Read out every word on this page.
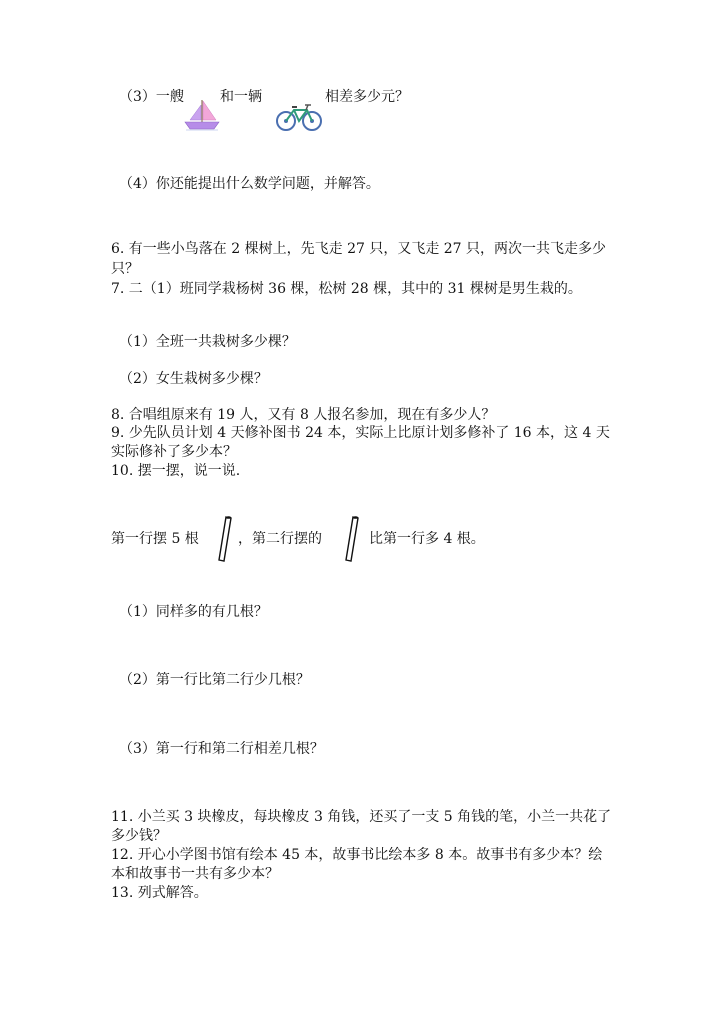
（3）一艘	和一辆	相差多少元？
（4）你还能提出什么数学问题，并解答。
6. 有一些小鸟落在 2 棵树上，先飞走 27 只，又飞走 27 只，两次一共飞走多少
只？
7. 二（1）班同学栽杨树 36 棵，松树 28 棵，其中的 31 棵树是男生栽的。
（1）全班一共栽树多少棵？
（2）女生栽树多少棵？
8. 合唱组原来有 19 人，又有 8 人报名参加，现在有多少人？
9. 少先队员计划 4 天修补图书 24 本，实际上比原计划多修补了 16 本，这 4 天
实际修补了多少本？
10. 摆一摆，说一说.
第一行摆 5 根	，第二行摆的	比第一行多 4 根。
（1）同样多的有几根？
（2）第一行比第二行少几根？
（3）第一行和第二行相差几根？
11. 小兰买 3 块橡皮，每块橡皮 3 角钱，还买了一支 5 角钱的笔，小兰一共花了
多少钱？
12. 开心小学图书馆有绘本 45 本，故事书比绘本多 8 本。故事书有多少本？绘
本和故事书一共有多少本？
13. 列式解答。
